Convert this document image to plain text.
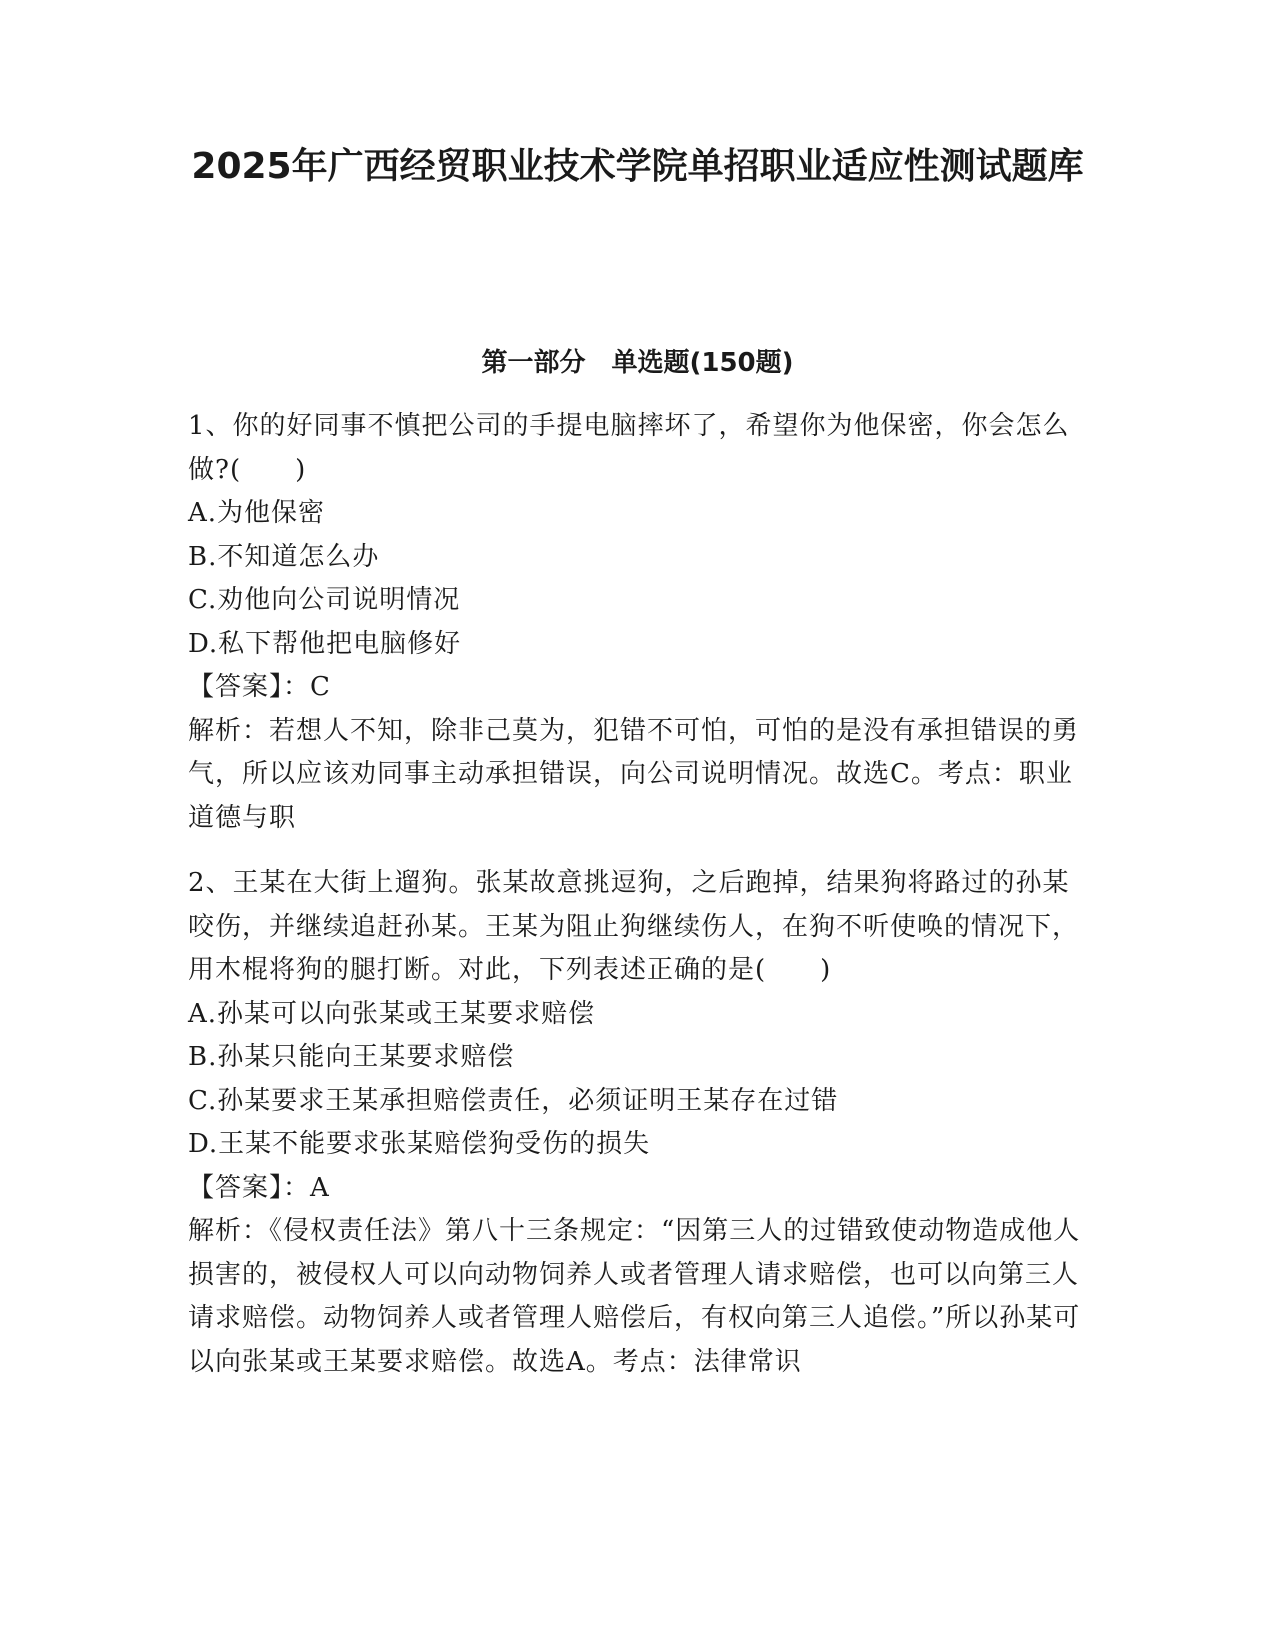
2025年广西经贸职业技术学院单招职业适应性测试题库
第一部分　单选题(150题)

1、你的好同事不慎把公司的手提电脑摔坏了，希望你为他保密，你会怎么做?(　　)

A.为他保密

B.不知道怎么办

C.劝他向公司说明情况

D.私下帮他把电脑修好

【答案】：C

解析：若想人不知，除非己莫为，犯错不可怕，可怕的是没有承担错误的勇气，所以应该劝同事主动承担错误，向公司说明情况。故选C。考点：职业道德与职

2、王某在大街上遛狗。张某故意挑逗狗，之后跑掉，结果狗将路过的孙某咬伤，并继续追赶孙某。王某为阻止狗继续伤人，在狗不听使唤的情况下，用木棍将狗的腿打断。对此，下列表述正确的是(　　)

A.孙某可以向张某或王某要求赔偿

B.孙某只能向王某要求赔偿

C.孙某要求王某承担赔偿责任，必须证明王某存在过错

D.王某不能要求张某赔偿狗受伤的损失

【答案】：A

解析：《侵权责任法》第八十三条规定：“因第三人的过错致使动物造成他人损害的，被侵权人可以向动物饲养人或者管理人请求赔偿，也可以向第三人请求赔偿。动物饲养人或者管理人赔偿后，有权向第三人追偿。”所以孙某可以向张某或王某要求赔偿。故选A。考点：法律常识
